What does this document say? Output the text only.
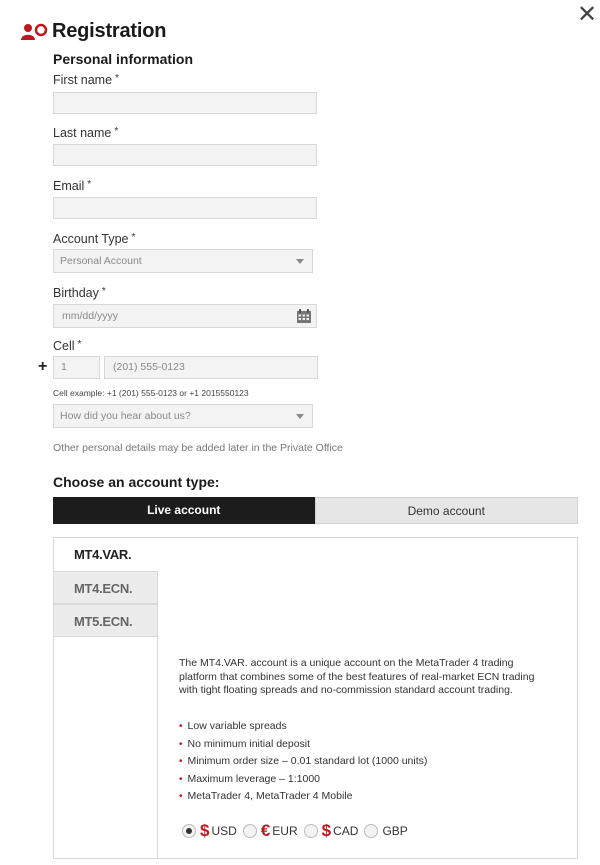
✕
Registration
Personal information
First name *
Last name *
Email *
Account Type *
Personal Account
Birthday *
mm/dd/yyyy
Cell *
+	1	(201) 555-0123
Cell example: +1 (201) 555-0123 or +1 2015550123
How did you hear about us?
Other personal details may be added later in the Private Office
Choose an account type:
Live account	Demo account
MT4.VAR.
MT4.ECN.
MT5.ECN.
The MT4.VAR. account is a unique account on the MetaTrader 4 trading platform that combines some of the best features of real-market ECN trading with tight floating spreads and no-commission standard account trading.
• Low variable spreads
• No minimum initial deposit
• Minimum order size – 0.01 standard lot (1000 units)
• Maximum leverage – 1:1000
• MetaTrader 4, MetaTrader 4 Mobile
$ USD € EUR $ CAD GBP
